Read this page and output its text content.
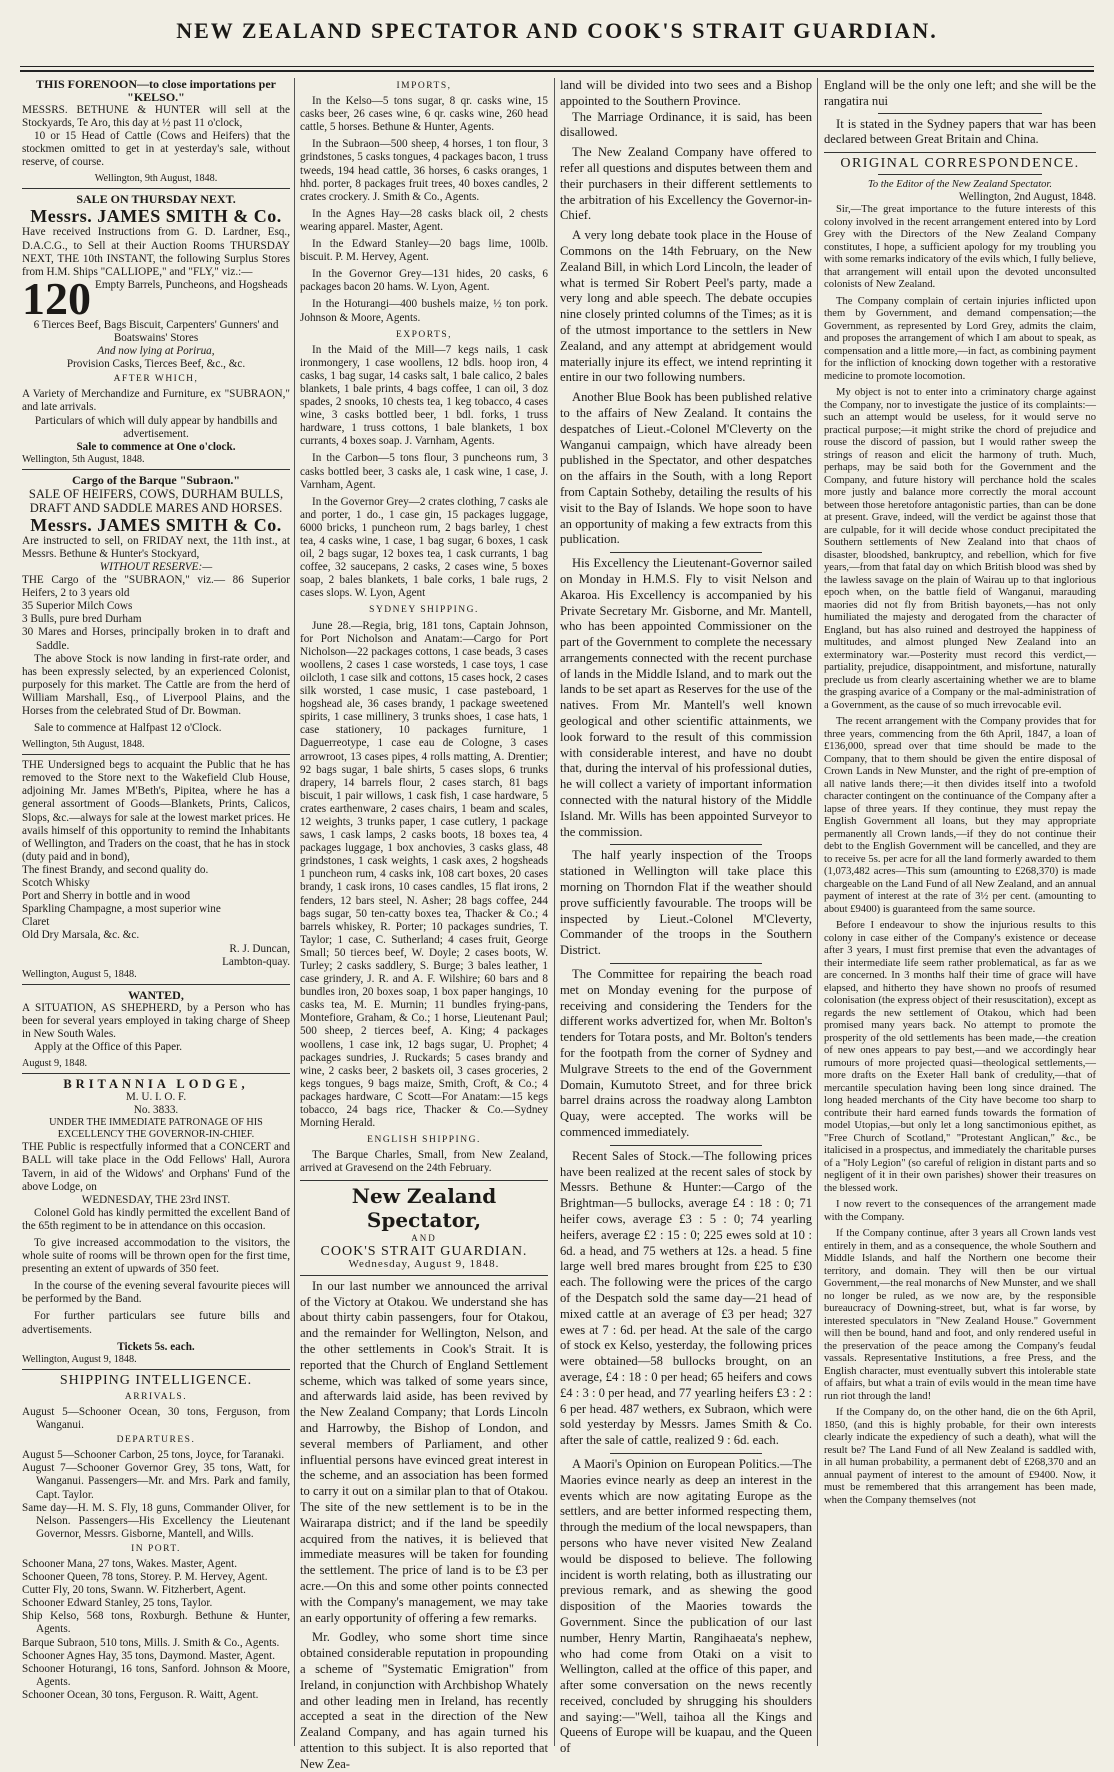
NEW ZEALAND SPECTATOR AND COOK'S STRAIT GUARDIAN.
THIS FORENOON—to close importations per "KELSO."

MESSRS. BETHUNE & HUNTER will sell at the Stockyards, Te Aro, this day at ½ past 11 o'clock,

10 or 15 Head of Cattle (Cows and Heifers) that the stockmen omitted to get in at yesterday's sale, without reserve, of course.

Wellington, 9th August, 1848.
SALE ON THURSDAY NEXT.
Messrs. JAMES SMITH & Co.

Have received Instructions from G. D. Lardner, Esq., D.A.C.G., to Sell at their Auction Rooms THURSDAY NEXT, THE 10th INSTANT, the following Surplus Stores from H.M. Ships "CALLIOPE," and "FLY," viz.:—

120 Empty Barrels, Puncheons, and Hogsheads
6 Tierces Beef, Bags Biscuit, Carpenters' Gunners' and Boatswains' Stores
And now lying at Porirua,
Provision Casks, Tierces Beef, &c., &c.
AFTER WHICH,

A Variety of Merchandize and Furniture, ex "SUBRAON," and late arrivals.

Particulars of which will duly appear by handbills and advertisement.

Sale to commence at One o'clock.
Wellington, 5th August, 1848.
Cargo of the Barque "Subraon."
SALE OF HEIFERS, COWS, DURHAM BULLS, DRAFT AND SADDLE MARES AND HORSES.
Messrs. JAMES SMITH & Co.

Are instructed to sell, on FRIDAY next, the 11th inst., at Messrs. Bethune & Hunter's Stockyard,

WITHOUT RESERVE:—

THE Cargo of the "SUBRAON," viz.— 86 Superior Heifers, 2 to 3 years old

35 Superior Milch Cows
3 Bulls, pure bred Durham
30 Mares and Horses, principally broken in to draft and Saddle.

The above Stock is now landing in first-rate order, and has been expressly selected, by an experienced Colonist, purposely for this market. The Cattle are from the herd of William Marshall, Esq., of Liverpool Plains, and the Horses from the celebrated Stud of Dr. Bowman.

Sale to commence at Halfpast 12 o'Clock.

Wellington, 5th August, 1848.

THE Undersigned begs to acquaint the Public that he has removed to the Store next to the Wakefield Club House, adjoining Mr. James M'Beth's, Pipitea, where he has a general assortment of Goods—Blankets, Prints, Calicos, Slops, &c.—always for sale at the lowest market prices. He avails himself of this opportunity to remind the Inhabitants of Wellington, and Traders on the coast, that he has in stock (duty paid and in bond),

The finest Brandy, and second quality do.
Scotch Whisky
Port and Sherry in bottle and in wood
Sparkling Champagne, a most superior wine
Claret
Old Dry Marsala, &c. &c.
R. J. Duncan,
Lambton-quay.
Wellington, August 5, 1848.
WANTED,

A SITUATION, AS SHEPHERD, by a Person who has been for several years employed in taking charge of Sheep in New South Wales.

Apply at the Office of this Paper.

August 9, 1848.
BRITANNIA LODGE,
M. U. I. O. F.
No. 3833.
UNDER THE IMMEDIATE PATRONAGE OF HIS EXCELLENCY THE GOVERNOR-IN-CHIEF.

THE Public is respectfully informed that a CONCERT and BALL will take place in the Odd Fellows' Hall, Aurora Tavern, in aid of the Widows' and Orphans' Fund of the above Lodge, on

WEDNESDAY, THE 23rd INST.

Colonel Gold has kindly permitted the excellent Band of the 65th regiment to be in attendance on this occasion.

To give increased accommodation to the visitors, the whole suite of rooms will be thrown open for the first time, presenting an extent of upwards of 350 feet.

In the course of the evening several favourite pieces will be performed by the Band.

For further particulars see future bills and advertisements.

Tickets 5s. each.
Wellington, August 9, 1848.
SHIPPING INTELLIGENCE.
ARRIVALS.
August 5—Schooner Ocean, 30 tons, Ferguson, from Wanganui.
DEPARTURES.
August 5—Schooner Carbon, 25 tons, Joyce, for Taranaki.
August 7—Schooner Governor Grey, 35 tons, Watt, for Wanganui. Passengers—Mr. and Mrs. Park and family, Capt. Taylor.
Same day—H. M. S. Fly, 18 guns, Commander Oliver, for Nelson. Passengers—His Excellency the Lieutenant Governor, Messrs. Gisborne, Mantell, and Wills.
IN PORT.
Schooner Mana, 27 tons, Wakes. Master, Agent.
Schooner Queen, 78 tons, Storey. P. M. Hervey, Agent.
Cutter Fly, 20 tons, Swann. W. Fitzherbert, Agent.
Schooner Edward Stanley, 25 tons, Taylor.
Ship Kelso, 568 tons, Roxburgh. Bethune & Hunter, Agents.
Barque Subraon, 510 tons, Mills. J. Smith & Co., Agents.
Schooner Agnes Hay, 35 tons, Daymond. Master, Agent.
Schooner Hoturangi, 16 tons, Sanford. Johnson & Moore, Agents.
Schooner Ocean, 30 tons, Ferguson. R. Waitt, Agent.
IMPORTS,

In the Kelso—5 tons sugar, 8 qr. casks wine, 15 casks beer, 26 cases wine, 6 qr. casks wine, 260 head cattle, 5 horses. Bethune & Hunter, Agents.

In the Subraon—500 sheep, 4 horses, 1 ton flour, 3 grindstones, 5 casks tongues, 4 packages bacon, 1 truss tweeds, 194 head cattle, 36 horses, 6 casks oranges, 1 hhd. porter, 8 packages fruit trees, 40 boxes candles, 2 crates crockery. J. Smith & Co., Agents.

In the Agnes Hay—28 casks black oil, 2 chests wearing apparel. Master, Agent.

In the Edward Stanley—20 bags lime, 100lb. biscuit. P. M. Hervey, Agent.

In the Governor Grey—131 hides, 20 casks, 6 packages bacon 20 hams. W. Lyon, Agent.

In the Hoturangi—400 bushels maize, ½ ton pork. Johnson & Moore, Agents.

EXPORTS,

In the Maid of the Mill—7 kegs nails, 1 cask ironmongery, 1 case woollens, 12 bdls. hoop iron, 4 casks, 1 bag sugar, 14 casks salt, 1 bale calico, 2 bales blankets, 1 bale prints, 4 bags coffee, 1 can oil, 3 doz spades, 2 snooks, 10 chests tea, 1 keg tobacco, 4 cases wine, 3 casks bottled beer, 1 bdl. forks, 1 truss hardware, 1 truss cottons, 1 bale blankets, 1 box currants, 4 boxes soap. J. Varnham, Agents.

In the Carbon—5 tons flour, 3 puncheons rum, 3 casks bottled beer, 3 casks ale, 1 cask wine, 1 case, J. Varnham, Agent.

In the Governor Grey—2 crates clothing, 7 casks ale and porter, 1 do., 1 case gin, 15 packages luggage, 6000 bricks, 1 puncheon rum, 2 bags barley, 1 chest tea, 4 casks wine, 1 case, 1 bag sugar, 6 boxes, 1 cask oil, 2 bags sugar, 12 boxes tea, 1 cask currants, 1 bag coffee, 32 saucepans, 2 casks, 2 cases wine, 5 boxes soap, 2 bales blankets, 1 bale corks, 1 bale rugs, 2 cases slops. W. Lyon, Agent

SYDNEY SHIPPING.

June 28.—Regia, brig, 181 tons, Captain Johnson, for Port Nicholson and Anatam:—Cargo for Port Nicholson—22 packages cottons, 1 case beads, 3 cases woollens, 2 cases 1 case worsteds, 1 case toys, 1 case oilcloth, 1 case silk and cottons, 15 cases hock, 2 cases silk worsted, 1 case music, 1 case pasteboard, 1 hogshead ale, 36 cases brandy, 1 package sweetened spirits, 1 case millinery, 3 trunks shoes, 1 case hats, 1 case stationery, 10 packages furniture, 1 Daguerreotype, 1 case eau de Cologne, 3 cases arrowroot, 13 cases pipes, 4 rolls matting, A. Drentier; 92 bags sugar, 1 bale shirts, 5 cases slops, 6 trunks drapery, 14 barrels flour, 2 cases starch, 81 bags biscuit, 1 pair willows, 1 cask fish, 1 case hardware, 5 crates earthenware, 2 cases chairs, 1 beam and scales, 12 weights, 3 trunks paper, 1 case cutlery, 1 package saws, 1 cask lamps, 2 casks boots, 18 boxes tea, 4 packages luggage, 1 box anchovies, 3 casks glass, 48 grindstones, 1 cask weights, 1 cask axes, 2 hogsheads 1 puncheon rum, 4 casks ink, 108 cart boxes, 20 cases brandy, 1 cask irons, 10 cases candles, 15 flat irons, 2 fenders, 12 bars steel, N. Asher; 28 bags coffee, 244 bags sugar, 50 ten-catty boxes tea, Thacker & Co.; 4 barrels whiskey, R. Porter; 10 packages sundries, T. Taylor; 1 case, C. Sutherland; 4 cases fruit, George Small; 50 tierces beef, W. Doyle; 2 cases boots, W. Turley; 2 casks saddlery, S. Burge; 3 bales leather, 1 case grindery, J. R. and A. F. Wilshire; 60 bars and 8 bundles iron, 20 boxes soap, 1 box paper hangings, 10 casks tea, M. E. Murnin; 11 bundles frying-pans, Montefiore, Graham, & Co.; 1 horse, Lieutenant Paul; 500 sheep, 2 tierces beef, A. King; 4 packages woollens, 1 case ink, 12 bags sugar, U. Prophet; 4 packages sundries, J. Ruckards; 5 cases brandy and wine, 2 casks beer, 2 baskets oil, 3 cases groceries, 2 kegs tongues, 9 bags maize, Smith, Croft, & Co.; 4 packages hardware, C Scott—For Anatam:—15 kegs tobacco, 24 bags rice, Thacker & Co.—Sydney Morning Herald.

ENGLISH SHIPPING.

The Barque Charles, Small, from New Zealand, arrived at Gravesend on the 24th February.

New Zealand Spectator,
AND
COOK'S STRAIT GUARDIAN.
Wednesday, August 9, 1848.

In our last number we announced the arrival of the Victory at Otakou. We understand she has about thirty cabin passengers, four for Otakou, and the remainder for Wellington, Nelson, and the other settlements in Cook's Strait. It is reported that the Church of England Settlement scheme, which was talked of some years since, and afterwards laid aside, has been revived by the New Zealand Company; that Lords Lincoln and Harrowby, the Bishop of London, and several members of Parliament, and other influential persons have evinced great interest in the scheme, and an association has been formed to carry it out on a similar plan to that of Otakou. The site of the new settlement is to be in the Wairarapa district; and if the land be speedily acquired from the natives, it is believed that immediate measures will be taken for founding the settlement. The price of land is to be £3 per acre.—On this and some other points connected with the Company's management, we may take an early opportunity of offering a few remarks.

Mr. Godley, who some short time since obtained considerable reputation in propounding a scheme of "Systematic Emigration" from Ireland, in conjunction with Archbishop Whately and other leading men in Ireland, has recently accepted a seat in the direction of the New Zealand Company, and has again turned his attention to this subject. It is also reported that New Zea-

land will be divided into two sees and a Bishop appointed to the Southern Province.

The Marriage Ordinance, it is said, has been disallowed.

The New Zealand Company have offered to refer all questions and disputes between them and their purchasers in their different settlements to the arbitration of his Excellency the Governor-in-Chief.

A very long debate took place in the House of Commons on the 14th February, on the New Zealand Bill, in which Lord Lincoln, the leader of what is termed Sir Robert Peel's party, made a very long and able speech. The debate occupies nine closely printed columns of the Times; as it is of the utmost importance to the settlers in New Zealand, and any attempt at abridgement would materially injure its effect, we intend reprinting it entire in our two following numbers.

Another Blue Book has been published relative to the affairs of New Zealand. It contains the despatches of Lieut.-Colonel M'Cleverty on the Wanganui campaign, which have already been published in the Spectator, and other despatches on the affairs in the South, with a long Report from Captain Sotheby, detailing the results of his visit to the Bay of Islands. We hope soon to have an opportunity of making a few extracts from this publication.

His Excellency the Lieutenant-Governor sailed on Monday in H.M.S. Fly to visit Nelson and Akaroa. His Excellency is accompanied by his Private Secretary Mr. Gisborne, and Mr. Mantell, who has been appointed Commissioner on the part of the Government to complete the necessary arrangements connected with the recent purchase of lands in the Middle Island, and to mark out the lands to be set apart as Reserves for the use of the natives. From Mr. Mantell's well known geological and other scientific attainments, we look forward to the result of this commission with considerable interest, and have no doubt that, during the interval of his professional duties, he will collect a variety of important information connected with the natural history of the Middle Island. Mr. Wills has been appointed Surveyor to the commission.

The half yearly inspection of the Troops stationed in Wellington will take place this morning on Thorndon Flat if the weather should prove sufficiently favourable. The troops will be inspected by Lieut.-Colonel M'Cleverty, Commander of the troops in the Southern District.

The Committee for repairing the beach road met on Monday evening for the purpose of receiving and considering the Tenders for the different works advertized for, when Mr. Bolton's tenders for Totara posts, and Mr. Bolton's tenders for the footpath from the corner of Sydney and Mulgrave Streets to the end of the Government Domain, Kumutoto Street, and for three brick barrel drains across the roadway along Lambton Quay, were accepted. The works will be commenced immediately.

Recent Sales of Stock.—The following prices have been realized at the recent sales of stock by Messrs. Bethune & Hunter:—Cargo of the Brightman—5 bullocks, average £4 : 18 : 0; 71 heifer cows, average £3 : 5 : 0; 74 yearling heifers, average £2 : 15 : 0; 225 ewes sold at 10 : 6d. a head, and 75 wethers at 12s. a head. 5 fine large well bred mares brought from £25 to £30 each. The following were the prices of the cargo of the Despatch sold the same day—21 head of mixed cattle at an average of £3 per head; 327 ewes at 7 : 6d. per head. At the sale of the cargo of stock ex Kelso, yesterday, the following prices were obtained—58 bullocks brought, on an average, £4 : 18 : 0 per head; 65 heifers and cows £4 : 3 : 0 per head, and 77 yearling heifers £3 : 2 : 6 per head. 487 wethers, ex Subraon, which were sold yesterday by Messrs. James Smith & Co. after the sale of cattle, realized 9 : 6d. each.

A Maori's Opinion on European Politics.—The Maories evince nearly as deep an interest in the events which are now agitating Europe as the settlers, and are better informed respecting them, through the medium of the local newspapers, than persons who have never visited New Zealand would be disposed to believe. The following incident is worth relating, both as illustrating our previous remark, and as shewing the good disposition of the Maories towards the Government. Since the publication of our last number, Henry Martin, Rangihaeata's nephew, who had come from Otaki on a visit to Wellington, called at the office of this paper, and after some conversation on the news recently received, concluded by shrugging his shoulders and saying:—"Well, taihoa all the Kings and Queens of Europe will be kuapau, and the Queen of

England will be the only one left; and she will be the rangatira nui

It is stated in the Sydney papers that war has been declared between Great Britain and China.

ORIGINAL CORRESPONDENCE.
To the Editor of the New Zealand Spectator.
Wellington, 2nd August, 1848.

Sir,—The great importance to the future interests of this colony involved in the recent arrangement entered into by Lord Grey with the Directors of the New Zealand Company constitutes, I hope, a sufficient apology for my troubling you with some remarks indicatory of the evils which, I fully believe, that arrangement will entail upon the devoted unconsulted colonists of New Zealand.

The Company complain of certain injuries inflicted upon them by Government, and demand compensation;—the Government, as represented by Lord Grey, admits the claim, and proposes the arrangement of which I am about to speak, as compensation and a little more,—in fact, as combining payment for the infliction of knocking down together with a restorative medicine to promote locomotion.

My object is not to enter into a criminatory charge against the Company, nor to investigate the justice of its complaints:—such an attempt would be useless, for it would serve no practical purpose;—it might strike the chord of prejudice and rouse the discord of passion, but I would rather sweep the strings of reason and elicit the harmony of truth. Much, perhaps, may be said both for the Government and the Company, and future history will perchance hold the scales more justly and balance more correctly the moral account between those heretofore antagonistic parties, than can be done at present. Grave, indeed, will the verdict be against those that are culpable, for it will decide whose conduct precipitated the Southern settlements of New Zealand into that chaos of disaster, bloodshed, bankruptcy, and rebellion, which for five years,—from that fatal day on which British blood was shed by the lawless savage on the plain of Wairau up to that inglorious epoch when, on the battle field of Wanganui, marauding maories did not fly from British bayonets,—has not only humiliated the majesty and derogated from the character of England, but has also ruined and destroyed the happiness of multitudes, and almost plunged New Zealand into an exterminatory war.—Posterity must record this verdict,—partiality, prejudice, disappointment, and misfortune, naturally preclude us from clearly ascertaining whether we are to blame the grasping avarice of a Company or the mal-administration of a Government, as the cause of so much irrevocable evil.

The recent arrangement with the Company provides that for three years, commencing from the 6th April, 1847, a loan of £136,000, spread over that time should be made to the Company, that to them should be given the entire disposal of Crown Lands in New Munster, and the right of pre-emption of all native lands there;—it then divides itself into a twofold character contingent on the continuance of the Company after a lapse of three years. If they continue, they must repay the English Government all loans, but they may appropriate permanently all Crown lands,—if they do not continue their debt to the English Government will be cancelled, and they are to receive 5s. per acre for all the land formerly awarded to them (1,073,482 acres—This sum (amounting to £268,370) is made chargeable on the Land Fund of all New Zealand, and an annual payment of interest at the rate of 3½ per cent. (amounting to about £9400) is guaranteed from the same source.

Before I endeavour to show the injurious results to this colony in case either of the Company's existence or decease after 3 years, I must first premise that even the advantages of their intermediate life seem rather problematical, as far as we are concerned. In 3 months half their time of grace will have elapsed, and hitherto they have shown no proofs of resumed colonisation (the express object of their resuscitation), except as regards the new settlement of Otakou, which had been promised many years back. No attempt to promote the prosperity of the old settlements has been made,—the creation of new ones appears to pay best,—and we accordingly hear rumours of more projected quasi—theological settlements,—more drafts on the Exeter Hall bank of credulity,—that of mercantile speculation having been long since drained. The long headed merchants of the City have become too sharp to contribute their hard earned funds towards the formation of model Utopias,—but only let a long sanctimonious epithet, as "Free Church of Scotland," "Protestant Anglican," &c., be italicised in a prospectus, and immediately the charitable purses of a "Holy Legion" (so careful of religion in distant parts and so negligent of it in their own parishes) shower their treasures on the blessed work.

I now revert to the consequences of the arrangement made with the Company.

If the Company continue, after 3 years all Crown lands vest entirely in them, and as a consequence, the whole Southern and Middle Islands, and half the Northern one become their territory, and domain. They will then be our virtual Government,—the real monarchs of New Munster, and we shall no longer be ruled, as we now are, by the responsible bureaucracy of Downing-street, but, what is far worse, by interested speculators in "New Zealand House." Government will then be bound, hand and foot, and only rendered useful in the preservation of the peace among the Company's feudal vassals. Representative Institutions, a free Press, and the English character, must eventually subvert this intolerable state of affairs, but what a train of evils would in the mean time have run riot through the land!

If the Company do, on the other hand, die on the 6th April, 1850, (and this is highly probable, for their own interests clearly indicate the expediency of such a death), what will the result be? The Land Fund of all New Zealand is saddled with, in all human probability, a permanent debt of £268,370 and an annual payment of interest to the amount of £9400. Now, it must be remembered that this arrangement has been made, when the Company themselves (not
